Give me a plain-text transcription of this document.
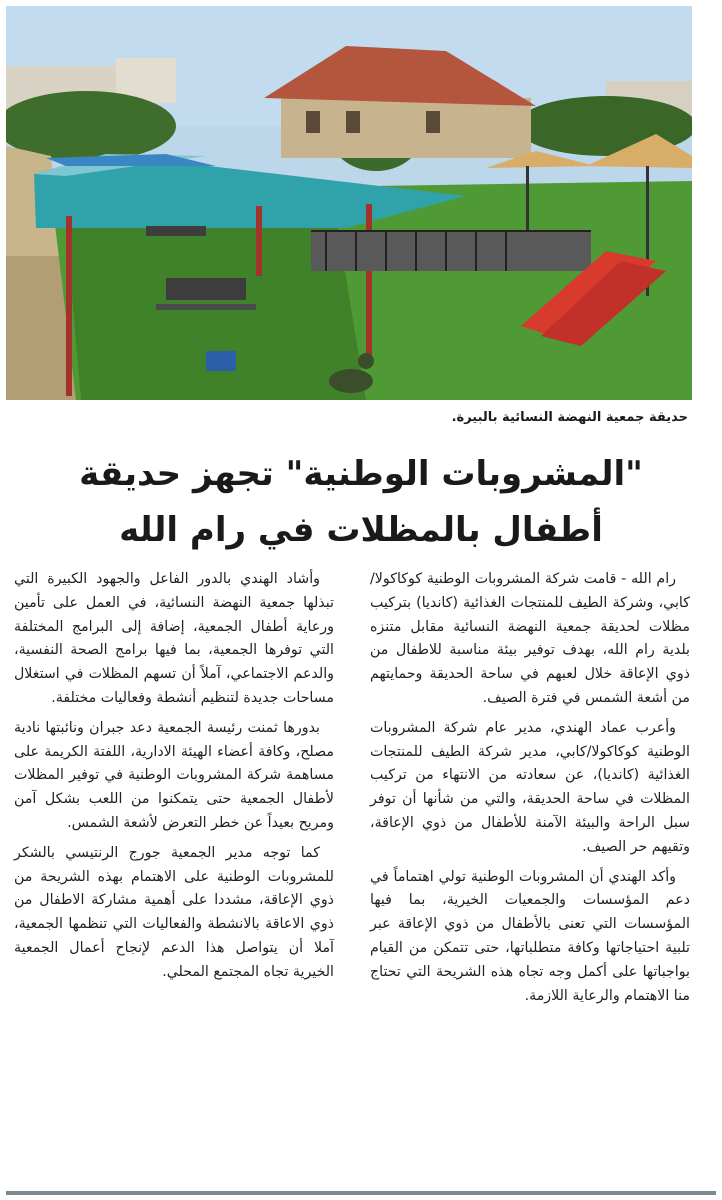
حديقة جمعية النهضة النسائية بالبيرة.
"المشروبات الوطنية" تجهز حديقة
أطفال بالمظلات في رام الله

رام الله - قامت شركة المشروبات الوطنية كوكاكولا/كابي، وشركة الطيف للمنتجات الغذائية (كانديا) بتركيب مظلات لحديقة جمعية النهضة النسائية مقابل متنزه بلدية رام الله، بهدف توفير بيئة مناسبة للاطفال من ذوي الإعاقة خلال لعبهم في ساحة الحديقة وحمايتهم من أشعة الشمس في فترة الصيف.

وأعرب عماد الهندي، مدير عام شركة المشروبات الوطنية كوكاكولا/كابي، مدير شركة الطيف للمنتجات الغذائية (كانديا)، عن سعادته من الانتهاء من تركيب المظلات في ساحة الحديقة، والتي من شأنها أن توفر سبل الراحة والبيئة الآمنة للأطفال من ذوي الإعاقة، وتقيهم حر الصيف.

وأكد الهندي أن المشروبات الوطنية تولي اهتماماً في دعم المؤسسات والجمعيات الخيرية، بما فيها المؤسسات التي تعنى بالأطفال من ذوي الإعاقة عبر تلبية احتياجاتها وكافة متطلباتها، حتى تتمكن من القيام بواجباتها على أكمل وجه تجاه هذه الشريحة التي تحتاج منا الاهتمام والرعاية اللازمة.

وأشاد الهندي بالدور الفاعل والجهود الكبيرة التي تبذلها جمعية النهضة النسائية، في العمل على تأمين ورعاية أطفال الجمعية، إضافة إلى البرامج المختلفة التي توفرها الجمعية، بما فيها برامج الصحة النفسية، والدعم الاجتماعي، آملاً أن تسهم المظلات في استغلال مساحات جديدة لتنظيم أنشطة وفعاليات مختلفة.

بدورها ثمنت رئيسة الجمعية دعد جبران ونائبتها نادية مصلح، وكافة أعضاء الهيئة الادارية، اللفتة الكريمة على مساهمة شركة المشروبات الوطنية في توفير المظلات لأطفال الجمعية حتى يتمكنوا من اللعب بشكل آمن ومريح بعيداً عن خطر التعرض لأشعة الشمس.

كما توجه مدير الجمعية جورج الرنتيسي بالشكر للمشروبات الوطنية على الاهتمام بهذه الشريحة من ذوي الإعاقة، مشددا على أهمية مشاركة الاطفال من ذوي الاعاقة بالانشطة والفعاليات التي تنظمها الجمعية، آملا أن يتواصل هذا الدعم لإنجاح أعمال الجمعية الخيرية تجاه المجتمع المحلي.
